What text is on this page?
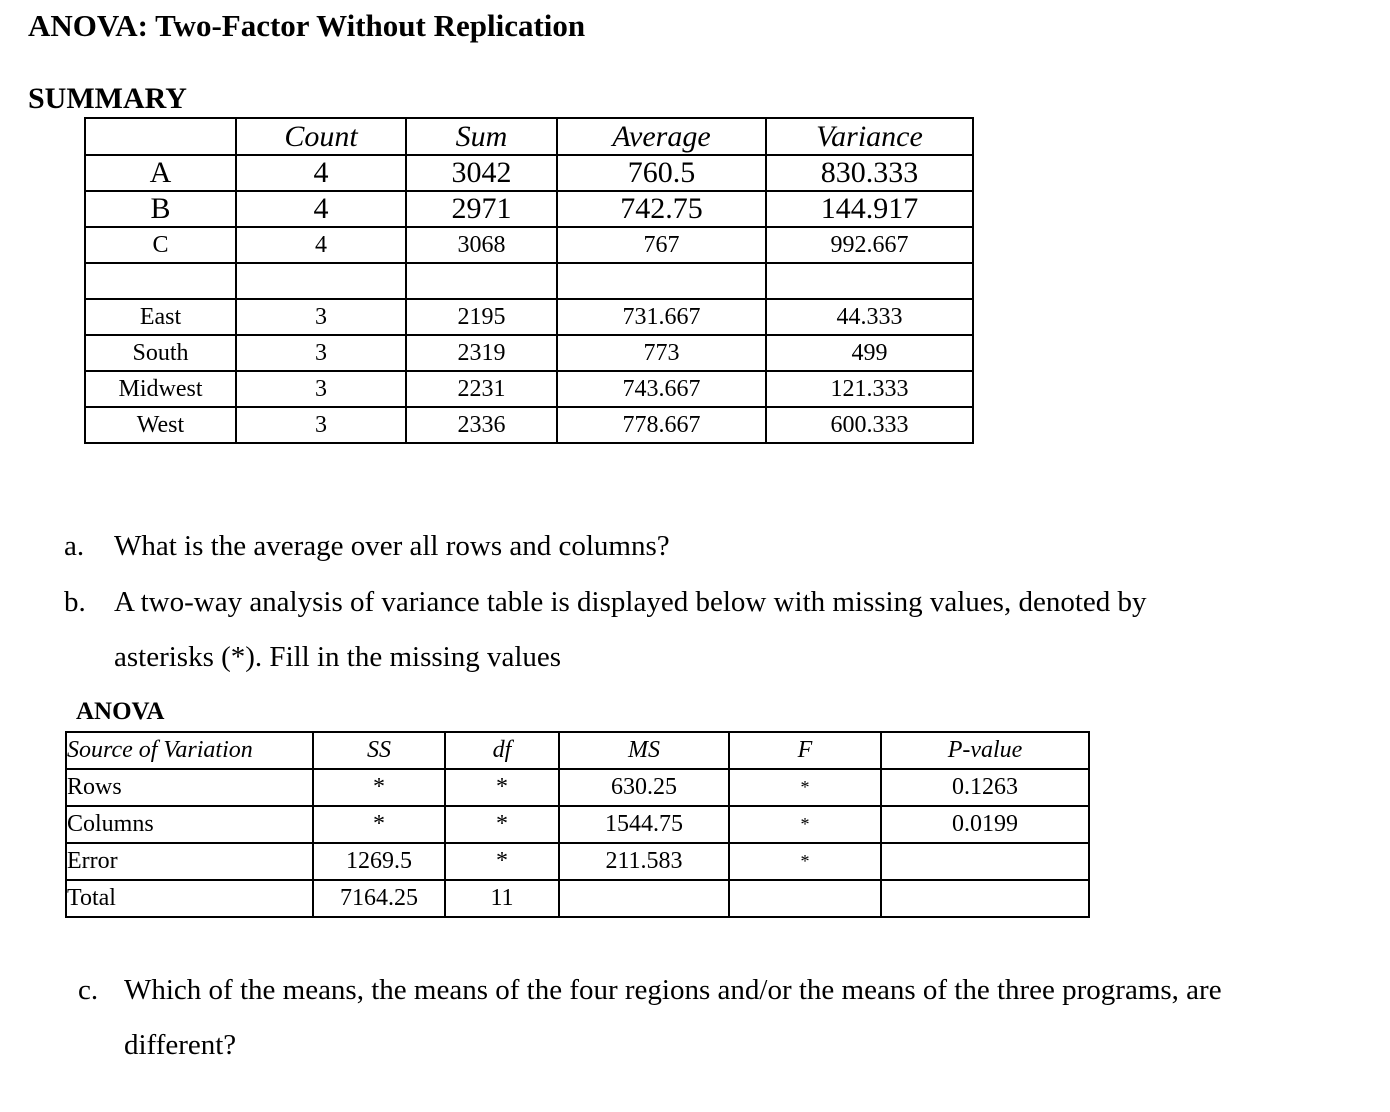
ANOVA: Two-Factor Without Replication
SUMMARY
	Count	Sum	Average	Variance
A	4	3042	760.5	830.333
B	4	2971	742.75	144.917
C	4	3068	767	992.667

East	3	2195	731.667	44.333
South	3	2319	773	499
Midwest	3	2231	743.667	121.333
West	3	2336	778.667	600.333
a. What is the average over all rows and columns?
b. A two-way analysis of variance table is displayed below with missing values, denoted by
asterisks (*). Fill in the missing values
c. Which of the means, the means of the four regions and/or the means of the three programs, are
different?
ANOVA
Source of Variation	SS	df	MS	F	P-value
Rows	*	*	630.25	*	0.1263
Columns	*	*	1544.75	*	0.0199
Error	1269.5	*	211.583	*	
Total	7164.25	11			
